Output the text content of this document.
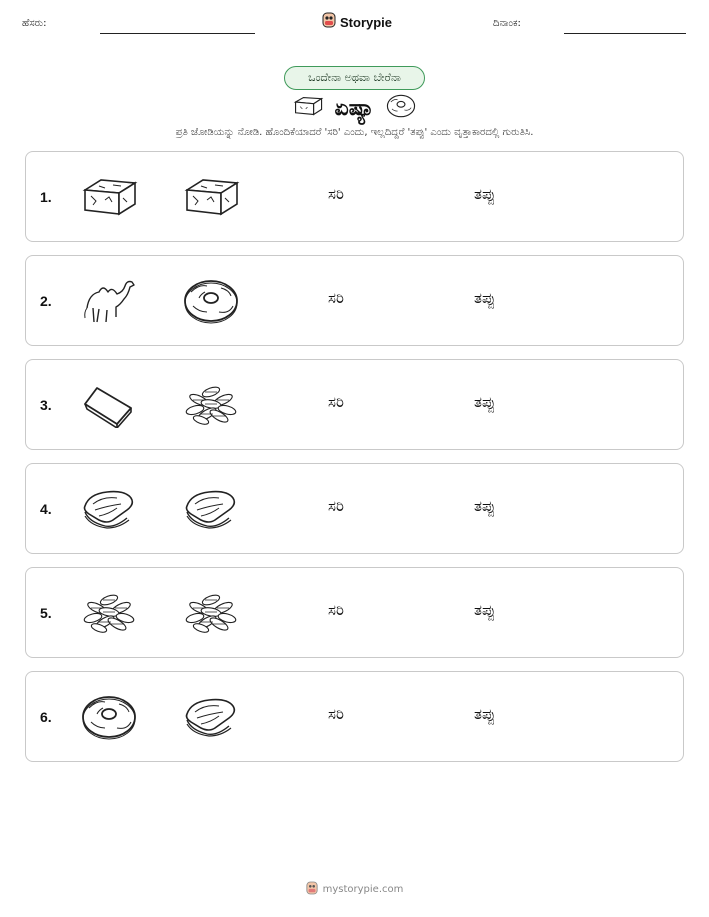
ಹೆಸರು:	Storypie	ದಿನಾಂಕ:
ಒಂದೇನಾ ಅಥವಾ ಬೇರೆನಾ
ಏಷ್ಯಾ
ಪ್ರತಿ ಜೋಡಿಯನ್ನು ನೋಡಿ. ಹೊಂದಿಕೆಯಾದರೆ 'ಸರಿ' ಎಂದು, ಇಲ್ಲದಿದ್ದರೆ 'ತಪ್ಪು' ಎಂದು ವೃತ್ತಾಕಾರದಲ್ಲಿ ಗುರುತಿಸಿ.
1.	ಸರಿ	ತಪ್ಪು
2.	ಸರಿ	ತಪ್ಪು
3.	ಸರಿ	ತಪ್ಪು
4.	ಸರಿ	ತಪ್ಪು
5.	ಸರಿ	ತಪ್ಪು
6.	ಸರಿ	ತಪ್ಪು
mystorypie.com
